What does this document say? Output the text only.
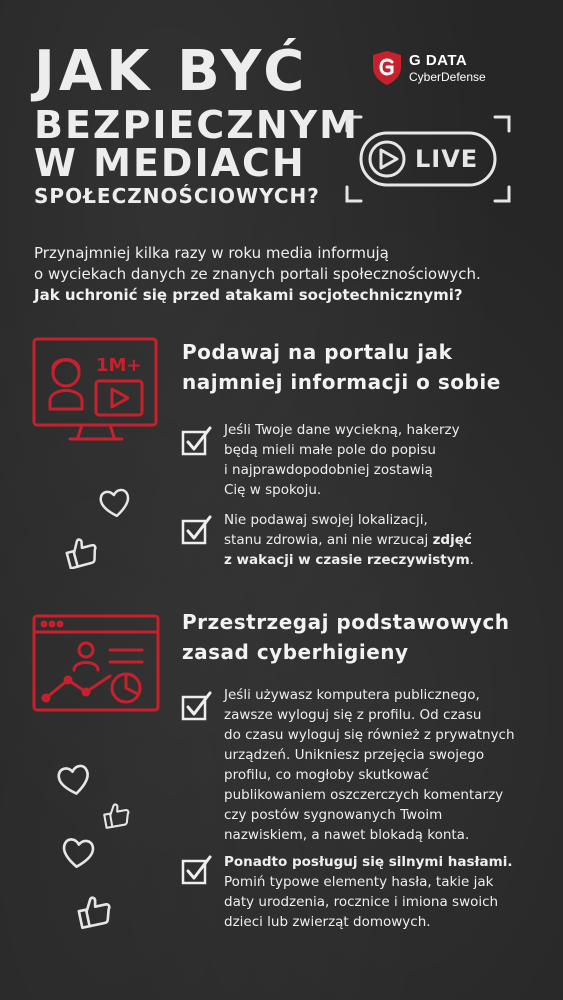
JAK BYĆ
BEZPIECZNYM
W MEDIACH
SPOŁECZNOŚCIOWYCH?
G DATA
CyberDefense
LIVE
Przynajmniej kilka razy w roku media informują
o wyciekach danych ze znanych portali społecznościowych.
Jak uchronić się przed atakami socjotechnicznymi?
1M+
Podawaj na portalu jak
najmniej informacji o sobie
Jeśli Twoje dane wyciekną, hakerzy
będą mieli małe pole do popisu
i najprawdopodobniej zostawią
Cię w spokoju.
Nie podawaj swojej lokalizacji,
stanu zdrowia, ani nie wrzucaj zdjęć
z wakacji w czasie rzeczywistym.
Przestrzegaj podstawowych
zasad cyberhigieny
Jeśli używasz komputera publicznego,
zawsze wyloguj się z profilu. Od czasu
do czasu wyloguj się również z prywatnych
urządzeń. Unikniesz przejęcia swojego
profilu, co mogłoby skutkować
publikowaniem oszczerczych komentarzy
czy postów sygnowanych Twoim
nazwiskiem, a nawet blokadą konta.
Ponadto posługuj się silnymi hasłami.
Pomiń typowe elementy hasła, takie jak
daty urodzenia, rocznice i imiona swoich
dzieci lub zwierząt domowych.
